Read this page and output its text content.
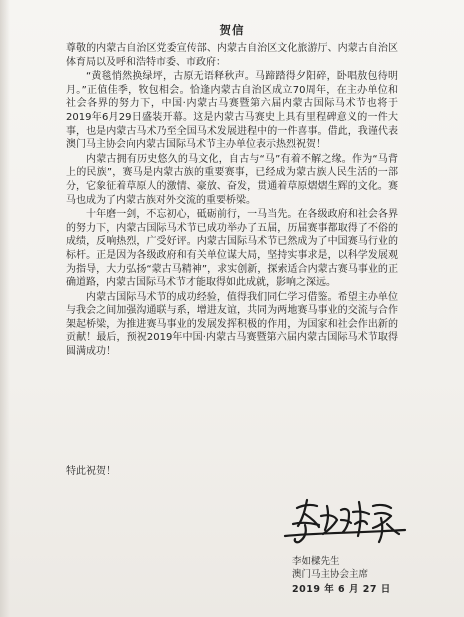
贺信

尊敬的内蒙古自治区党委宣传部、内蒙古自治区文化旅游厅、内蒙古自治区体育局以及呼和浩特市委、市政府：

“黄毯悄然换绿坪，古原无语释秋声。马蹄踏得夕阳碎，卧唱敖包待明月。”正值佳季，牧包相会。恰逢内蒙古自治区成立70周年，在主办单位和社会各界的努力下，中国·内蒙古马赛暨第六届内蒙古国际马术节也将于2019年6月29日盛装开幕。这是内蒙古马赛史上具有里程碑意义的一件大事，也是内蒙古马术乃至全国马术发展进程中的一件喜事。借此，我谨代表澳门马主协会向内蒙古国际马术节主办单位表示热烈祝贺！

内蒙古拥有历史悠久的马文化，自古与“马”有着不解之缘。作为“马背上的民族”，赛马是内蒙古族的重要赛事，已经成为蒙古族人民生活的一部分，它象征着草原人的激情、豪放、奋发，贯通着草原熠熠生辉的文化。赛马也成为了内蒙古族对外交流的重要桥梁。

十年磨一剑，不忘初心，砥砺前行，一马当先。在各级政府和社会各界的努力下，内蒙古国际马术节已成功举办了五届，历届赛事都取得了不俗的成绩，反响热烈，广受好评。内蒙古国际马术节已然成为了中国赛马行业的标杆。正是因为各级政府和有关单位谋大局，坚持实事求是，以科学发展观为指导，大力弘扬“蒙古马精神”，求实创新，探索适合内蒙古赛马事业的正确道路，内蒙古国际马术节才能取得如此成就，影响之深远。

内蒙古国际马术节的成功经验，值得我们同仁学习借鉴。希望主办单位与我会之间加强沟通联与系，增进友谊，共同为两地赛马事业的交流与合作架起桥梁，为推进赛马事业的发展发挥积极的作用，为国家和社会作出新的贡献！最后，预祝2019年中国·内蒙古马赛暨第六届内蒙古国际马术节取得圆满成功！

特此祝贺！
李如樑先生
澳门马主协会主席
2019 年 6 月 27 日
